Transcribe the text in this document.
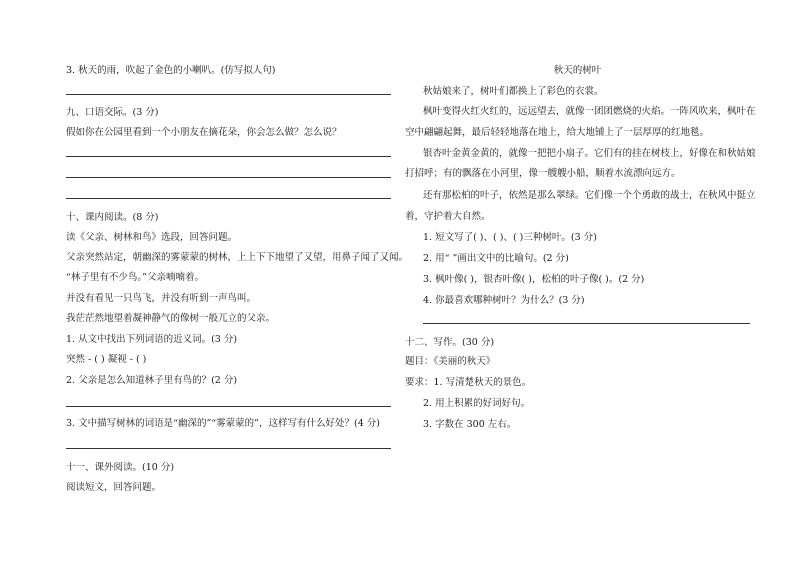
3. 秋天的雨，吹起了金色的小喇叭。(仿写拟人句)
九、口语交际。(3 分)
假如你在公园里看到一个小朋友在摘花朵，你会怎么做？怎么说？
十、课内阅读。(8 分)
读《父亲、树林和鸟》选段，回答问题。
父亲突然站定，朝幽深的雾蒙蒙的树林，上上下下地望了又望，用鼻子闻了又闻。
“林子里有不少鸟。”父亲喃喃着。
并没有看见一只鸟飞，并没有听到一声鸟叫。
我茫茫然地望着凝神静气的像树一般兀立的父亲。
1. 从文中找出下列词语的近义词。(3 分)
突然 - ( ) 凝视 - ( )
2. 父亲是怎么知道林子里有鸟的？(2 分)
3. 文中描写树林的词语是“幽深的”“雾蒙蒙的”，这样写有什么好处？(4 分)
十一、课外阅读。(10 分)
阅读短文，回答问题。
秋天的树叶
秋姑娘来了，树叶们都换上了彩色的衣裳。
枫叶变得火红火红的，远远望去，就像一团团燃烧的火焰。一阵风吹来，枫叶在
空中翩翩起舞，最后轻轻地落在地上，给大地铺上了一层厚厚的红地毯。
银杏叶金黄金黄的，就像一把把小扇子。它们有的挂在树枝上，好像在和秋姑娘
打招呼；有的飘落在小河里，像一艘艘小船，顺着水流漂向远方。
还有那松柏的叶子，依然是那么翠绿。它们像一个个勇敢的战士，在秋风中挺立
着，守护着大自然。
1. 短文写了( )、( )、( )三种树叶。(3 分)
2. 用“ ”画出文中的比喻句。(2 分)
3. 枫叶像( )，银杏叶像( )，松柏的叶子像( )。(2 分)
4. 你最喜欢哪种树叶？为什么？(3 分)
十二、写作。(30 分)
题目：《美丽的秋天》
要求：1. 写清楚秋天的景色。
2. 用上积累的好词好句。
3. 字数在 300 左右。
